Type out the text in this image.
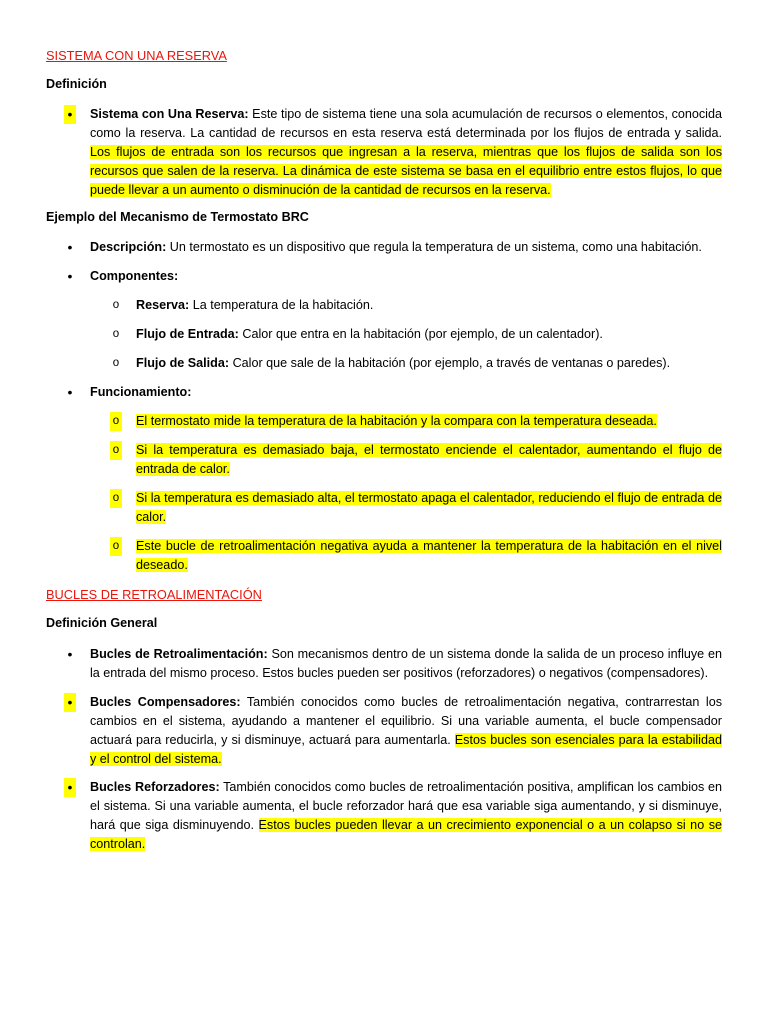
SISTEMA CON UNA RESERVA

Definición

• Sistema con Una Reserva: Este tipo de sistema tiene una sola acumulación de recursos o elementos, conocida como la reserva. La cantidad de recursos en esta reserva está determinada por los flujos de entrada y salida. Los flujos de entrada son los recursos que ingresan a la reserva, mientras que los flujos de salida son los recursos que salen de la reserva. La dinámica de este sistema se basa en el equilibrio entre estos flujos, lo que puede llevar a un aumento o disminución de la cantidad de recursos en la reserva.

Ejemplo del Mecanismo de Termostato BRC

• Descripción: Un termostato es un dispositivo que regula la temperatura de un sistema, como una habitación.

• Componentes:

o Reserva: La temperatura de la habitación.

o Flujo de Entrada: Calor que entra en la habitación (por ejemplo, de un calentador).

o Flujo de Salida: Calor que sale de la habitación (por ejemplo, a través de ventanas o paredes).

• Funcionamiento:

o El termostato mide la temperatura de la habitación y la compara con la temperatura deseada.

o Si la temperatura es demasiado baja, el termostato enciende el calentador, aumentando el flujo de entrada de calor.

o Si la temperatura es demasiado alta, el termostato apaga el calentador, reduciendo el flujo de entrada de calor.

o Este bucle de retroalimentación negativa ayuda a mantener la temperatura de la habitación en el nivel deseado.

BUCLES DE RETROALIMENTACIÓN

Definición General

• Bucles de Retroalimentación: Son mecanismos dentro de un sistema donde la salida de un proceso influye en la entrada del mismo proceso. Estos bucles pueden ser positivos (reforzadores) o negativos (compensadores).

• Bucles Compensadores: También conocidos como bucles de retroalimentación negativa, contrarrestan los cambios en el sistema, ayudando a mantener el equilibrio. Si una variable aumenta, el bucle compensador actuará para reducirla, y si disminuye, actuará para aumentarla. Estos bucles son esenciales para la estabilidad y el control del sistema.

• Bucles Reforzadores: También conocidos como bucles de retroalimentación positiva, amplifican los cambios en el sistema. Si una variable aumenta, el bucle reforzador hará que esa variable siga aumentando, y si disminuye, hará que siga disminuyendo. Estos bucles pueden llevar a un crecimiento exponencial o a un colapso si no se controlan.
